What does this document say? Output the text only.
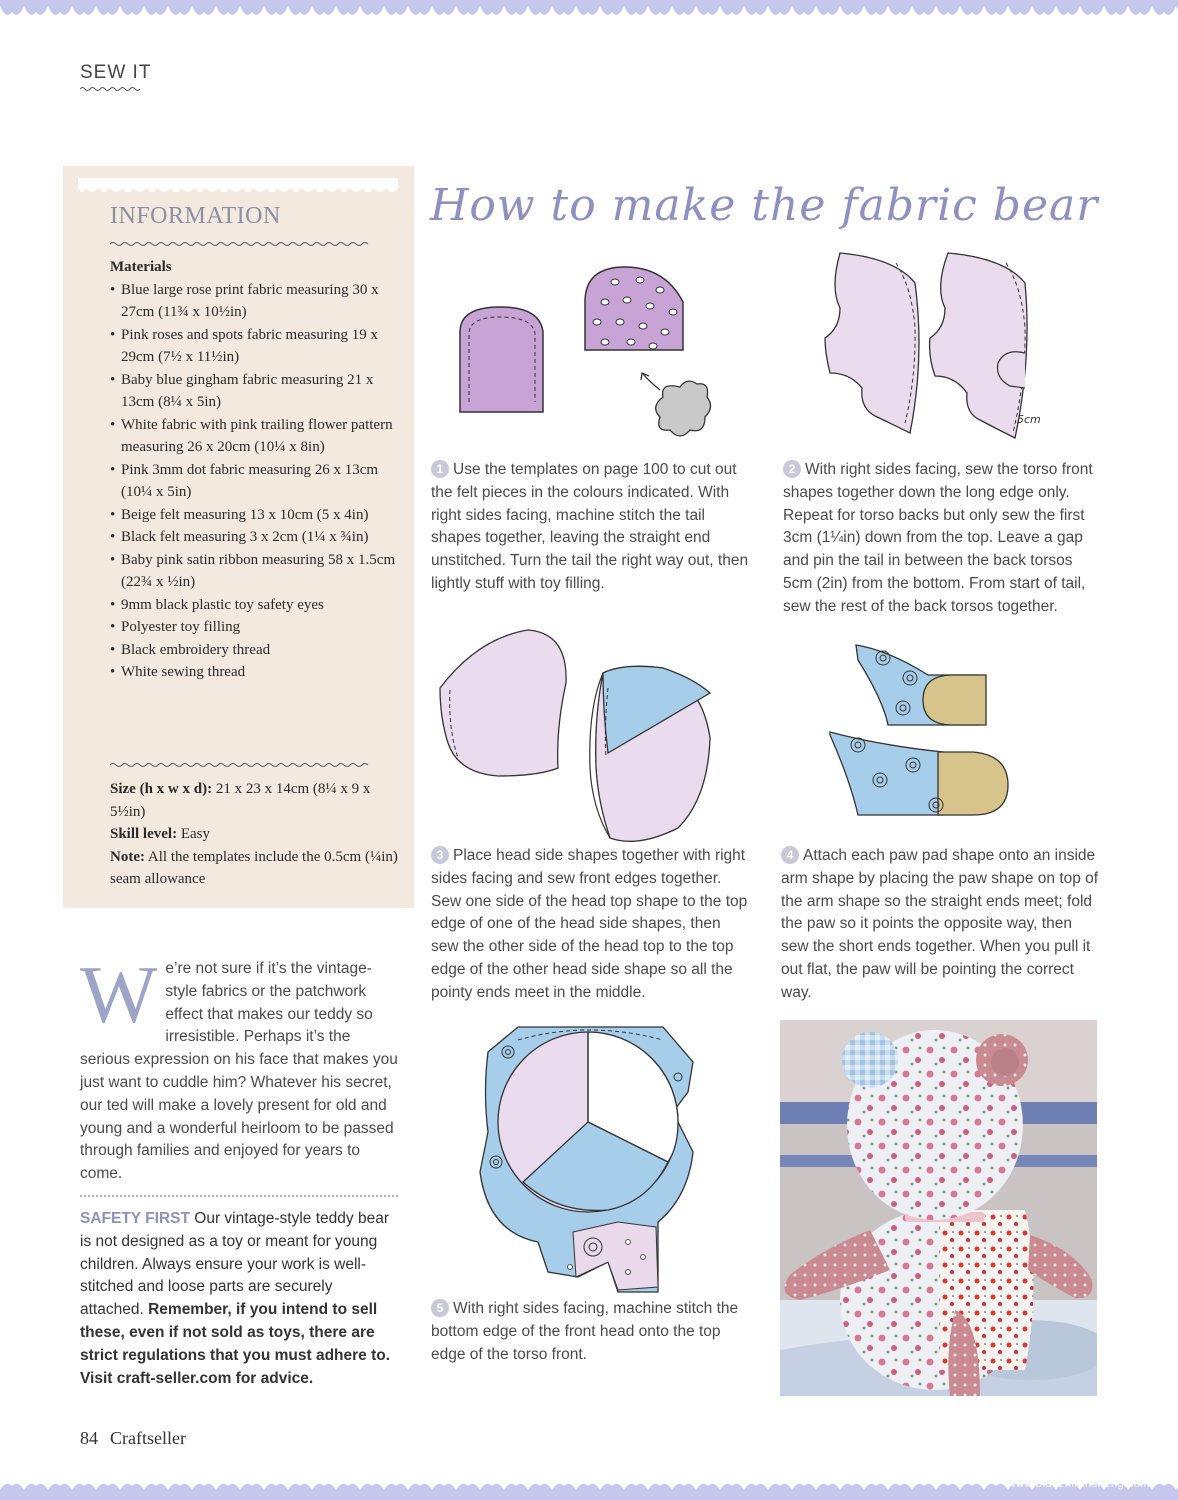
SEW IT
INFORMATION
Materials
• Blue large rose print fabric measuring 30 x 27cm (11¾ x 10½in)
• Pink roses and spots fabric measuring 19 x 29cm (7½ x 11½in)
• Baby blue gingham fabric measuring 21 x 13cm (8¼ x 5in)
• White fabric with pink trailing flower pattern measuring 26 x 20cm (10¼ x 8in)
• Pink 3mm dot fabric measuring 26 x 13cm (10¼ x 5in)
• Beige felt measuring 13 x 10cm (5 x 4in)
• Black felt measuring 3 x 2cm (1¼ x ¾in)
• Baby pink satin ribbon measuring 58 x 1.5cm (22¾ x ½in)
• 9mm black plastic toy safety eyes
• Polyester toy filling
• Black embroidery thread
• White sewing thread
Size (h x w x d): 21 x 23 x 14cm (8¼ x 9 x 5½in)
Skill level: Easy
Note: All the templates include the 0.5cm (¼in) seam allowance
How to make the fabric bear
5cm
1 Use the templates on page 100 to cut out the felt pieces in the colours indicated. With right sides facing, machine stitch the tail shapes together, leaving the straight end unstitched. Turn the tail the right way out, then lightly stuff with toy filling.
2 With right sides facing, sew the torso front shapes together down the long edge only. Repeat for torso backs but only sew the first 3cm (1¼in) down from the top. Leave a gap and pin the tail in between the back torsos 5cm (2in) from the bottom. From start of tail, sew the rest of the back torsos together.
3 Place head side shapes together with right sides facing and sew front edges together. Sew one side of the head top shape to the top edge of one of the head side shapes, then sew the other side of the head top to the top edge of the other head side shape so all the pointy ends meet in the middle.
4 Attach each paw pad shape onto an inside arm shape by placing the paw shape on top of the arm shape so the straight ends meet; fold the paw so it points the opposite way, then sew the short ends together. When you pull it out flat, the paw will be pointing the correct way.
5 With right sides facing, machine stitch the bottom edge of the front head onto the top edge of the torso front.
We’re not sure if it’s the vintage-style fabrics or the patchwork effect that makes our teddy so irresistible. Perhaps it’s the serious expression on his face that makes you just want to cuddle him? Whatever his secret, our ted will make a lovely present for old and young and a wonderful heirloom to be passed through families and enjoyed for years to come.
SAFETY FIRST Our vintage-style teddy bear is not designed as a toy or meant for young children. Always ensure your work is well-stitched and loose parts are securely attached. Remember, if you intend to sell these, even if not sold as toys, there are strict regulations that you must adhere to. Visit craft-seller.com for advice.
84 Craftseller
www.bianzhirensheng.com
